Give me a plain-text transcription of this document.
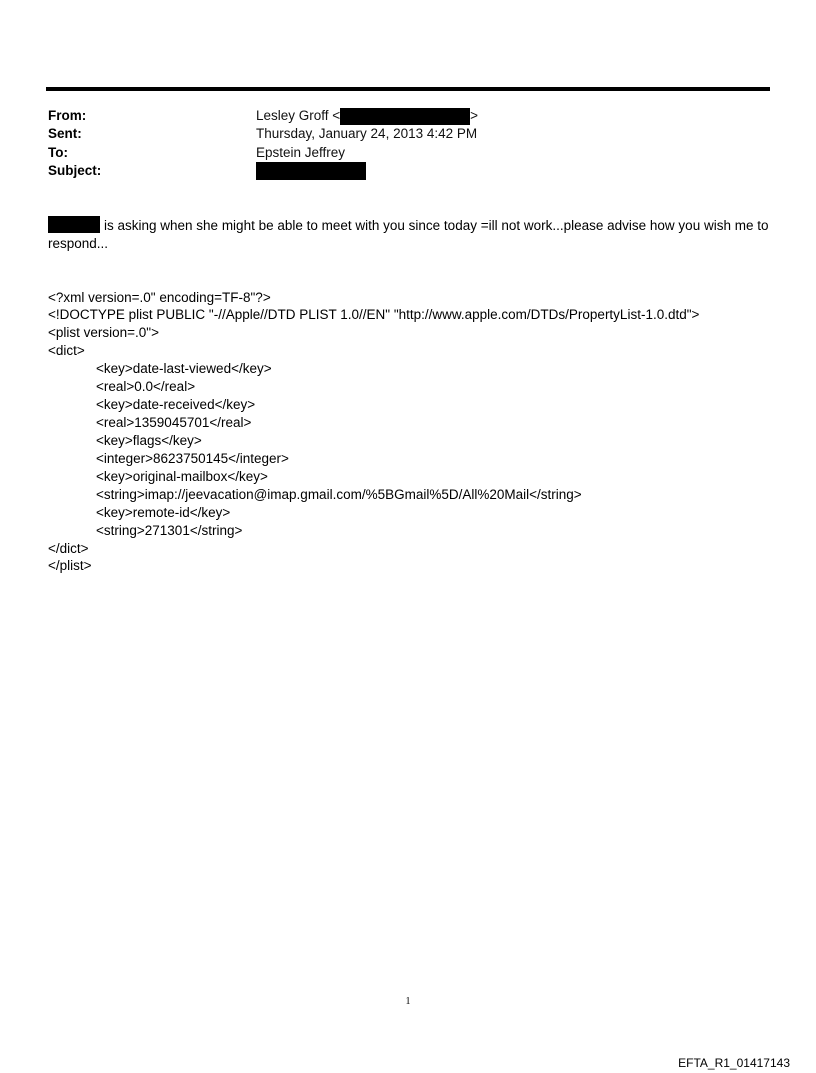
From:	Lesley Groff <	>
Sent:	Thursday, January 24, 2013 4:42 PM
To:	Epstein Jeffrey
Subject:
is asking when she might be able to meet with you since today =ill not work...please advise how you wish me to
respond...
<?xml version=.0" encoding=TF-8"?>
<!DOCTYPE plist PUBLIC "-//Apple//DTD PLIST 1.0//EN" "http://www.apple.com/DTDs/PropertyList-1.0.dtd">
<plist version=.0">
<dict>
<key>date-last-viewed</key>
<real>0.0</real>
<key>date-received</key>
<real>1359045701</real>
<key>flags</key>
<integer>8623750145</integer>
<key>original-mailbox</key>
<string>imap://jeevacation@imap.gmail.com/%5BGmail%5D/All%20Mail</string>
<key>remote-id</key>
<string>271301</string>
</dict>
</plist>
1
EFTA_R1_01417143
